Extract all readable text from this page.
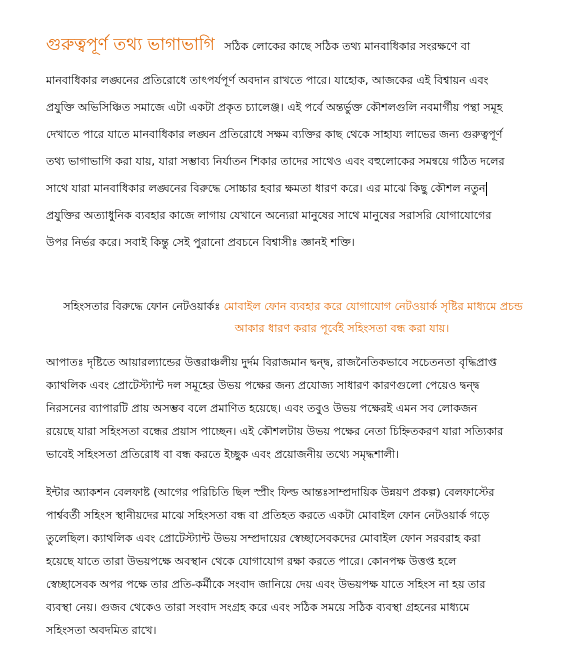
গুরুত্বপূর্ণ তথ্য ভাগাভাগি সঠিক লোকের কাছে সঠিক তথ্য মানবাধিকার সংরক্ষণে বা
মানবাধিকার লঙ্ঘনের প্রতিরোধে তাৎপর্যপূর্ণ অবদান রাখতে পারে। যাহোক, আজকের এই বিশ্বায়ন এবং
প্রযুক্তি অভিসিঞ্চিত সমাজে এটা একটা প্রকৃত চ্যালেঞ্জ। এই পর্বে অন্তর্ভুক্ত কৌশলগুলি নবমার্গীয় পন্থা সমূহ
দেখাতে পারে যাতে মানবাধিকার লঙ্ঘন প্রতিরোধে সক্ষম ব্যক্তির কাছ থেকে সাহায্য লাভের জন্য গুরুত্বপূর্ণ
তথ্য ভাগাভাগি করা যায়, যারা সম্ভাব্য নির্যাতন শিকার তাদের সাথেও এবং বহুলোকের সমন্বয়ে গঠিত দলের
সাথে যারা মানবাধিকার লঙ্ঘনের বিরুদ্ধে সোচ্চার হবার ক্ষমতা ধারণ করে। এর মাঝে কিছু কৌশল নতুন
প্রযুক্তির অত্যাধুনিক ব্যবহার কাজে লাগায় যেখানে অন্যেরা মানুষের সাথে মানুষের সরাসরি যোগাযোগের
উপর নির্ভর করে। সবাই কিন্তু সেই পুরানো প্রবচনে বিশ্বাসীঃ জ্ঞানই শক্তি।
সহিংসতার বিরুদ্ধে ফোন নেটওয়ার্কঃ মোবাইল ফোন ব্যবহার করে যোগাযোগ নেটওয়ার্ক সৃষ্টির মাধ্যমে প্রচন্ড
আকার ধারণ করার পূর্বেই সহিংসতা বন্ধ করা যায়।
আপাতঃ দৃষ্টিতে আয়ারল্যান্ডের উত্তরাঞ্চলীয় দুর্দম বিরাজমান দ্বন্দ্ব, রাজনৈতিকভাবে সচেতনতা বৃদ্ধিপ্রাপ্ত
ক্যাথলিক এবং প্রোটেস্ট্যান্ট দল সমূহের উভয় পক্ষের জন্য প্রযোজ্য সাধারণ কারণগুলো পেয়েও দ্বন্দ্ব
নিরসনের ব্যাপারটি প্রায় অসম্ভব বলে প্রমাণিত হয়েছে। এবং তবুও উভয় পক্ষেরই এমন সব লোকজন
রয়েছে যারা সহিংসতা বন্ধের প্রয়াস পাচ্ছেন। এই কৌশলটায় উভয় পক্ষের নেতা চিহ্নিতকরণ যারা সত্যিকার
ভাবেই সহিংসতা প্রতিরোধ বা বন্ধ করতে ইচ্ছুক এবং প্রয়োজনীয় তথ্যে সমৃদ্ধশালী।
ইন্টার অ্যাকশন বেলফাষ্ট (আগের পরিচিতি ছিল স্প্রীং ফিল্ড আন্তঃসাম্প্রদায়িক উন্নয়ণ প্রকল্প) বেলফাস্টের
পার্শ্ববর্তী সহিংস স্থানীয়দের মাঝে সহিংসতা বন্ধ বা প্রতিহত করতে একটা মোবাইল ফোন নেটওয়ার্ক গড়ে
তুলেছিল। ক্যাথলিক এবং প্রোটেস্ট্যান্ট উভয় সম্প্রদায়ের স্বেচ্ছাসেবকদের মোবাইল ফোন সরবরাহ করা
হয়েছে যাতে তারা উভয়পক্ষে অবস্থান থেকে যোগাযোগ রক্ষা করতে পারে। কোনপক্ষ উত্তপ্ত হলে
স্বেচ্ছাসেবক অপর পক্ষে তার প্রতি-কর্মীকে সংবাদ জানিয়ে দেয় এবং উভয়পক্ষ যাতে সহিংস না হয় তার
ব্যবস্থা নেয়। গুজব থেকেও তারা সংবাদ সংগ্রহ করে এবং সঠিক সময়ে সঠিক ব্যবস্থা গ্রহনের মাধ্যমে
সহিংসতা অবদমিত রাখে।
